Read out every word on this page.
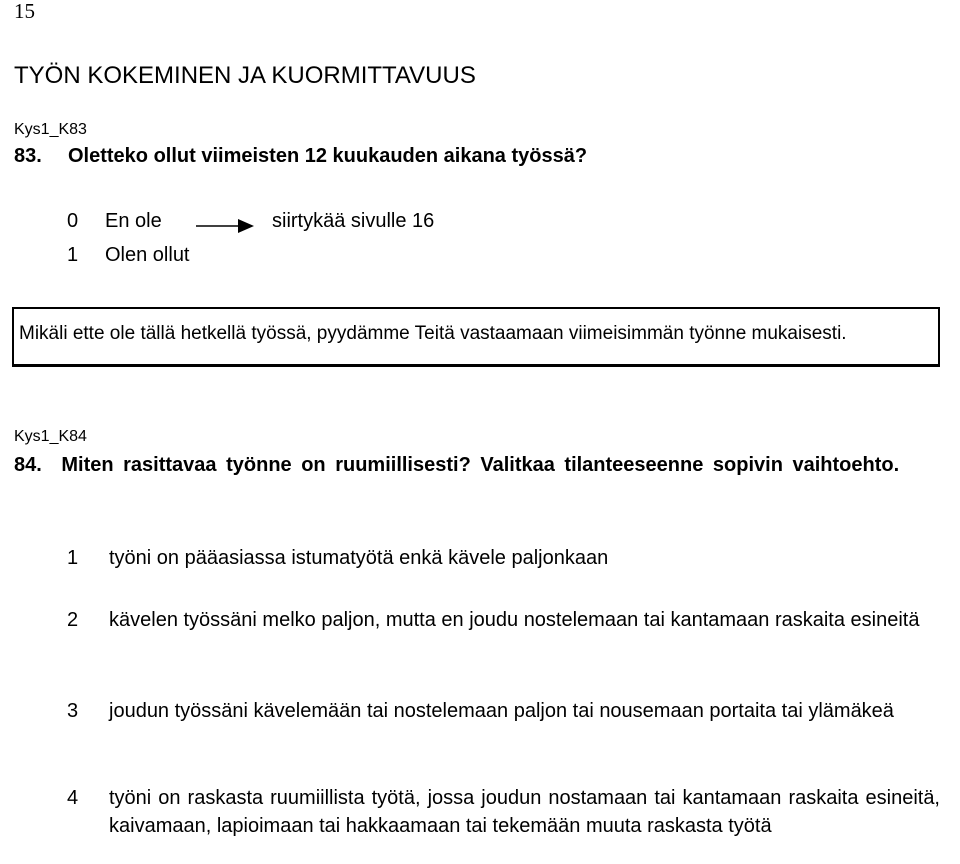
15
TYÖN KOKEMINEN JA KUORMITTAVUUS
Kys1_K83
83. Oletteko ollut viimeisten 12 kuukauden aikana työssä?
0 En ole	siirtykää sivulle 16
1 Olen ollut
Mikäli ette ole tällä hetkellä työssä, pyydämme Teitä vastaamaan viimeisimmän työnne mukaisesti.
Kys1_K84
84. Miten rasittavaa työnne on ruumiillisesti? Valitkaa tilanteeseenne sopivin vaihtoehto.
1 työni on pääasiassa istumatyötä enkä kävele paljonkaan
2 kävelen työssäni melko paljon, mutta en joudu nostelemaan tai kantamaan raskaita esineitä
3 joudun työssäni kävelemään tai nostelemaan paljon tai nousemaan portaita tai ylämäkeä
4 työni on raskasta ruumiillista työtä, jossa joudun nostamaan tai kantamaan raskaita esineitä, kaivamaan, lapioimaan tai hakkaamaan tai tekemään muuta raskasta työtä
